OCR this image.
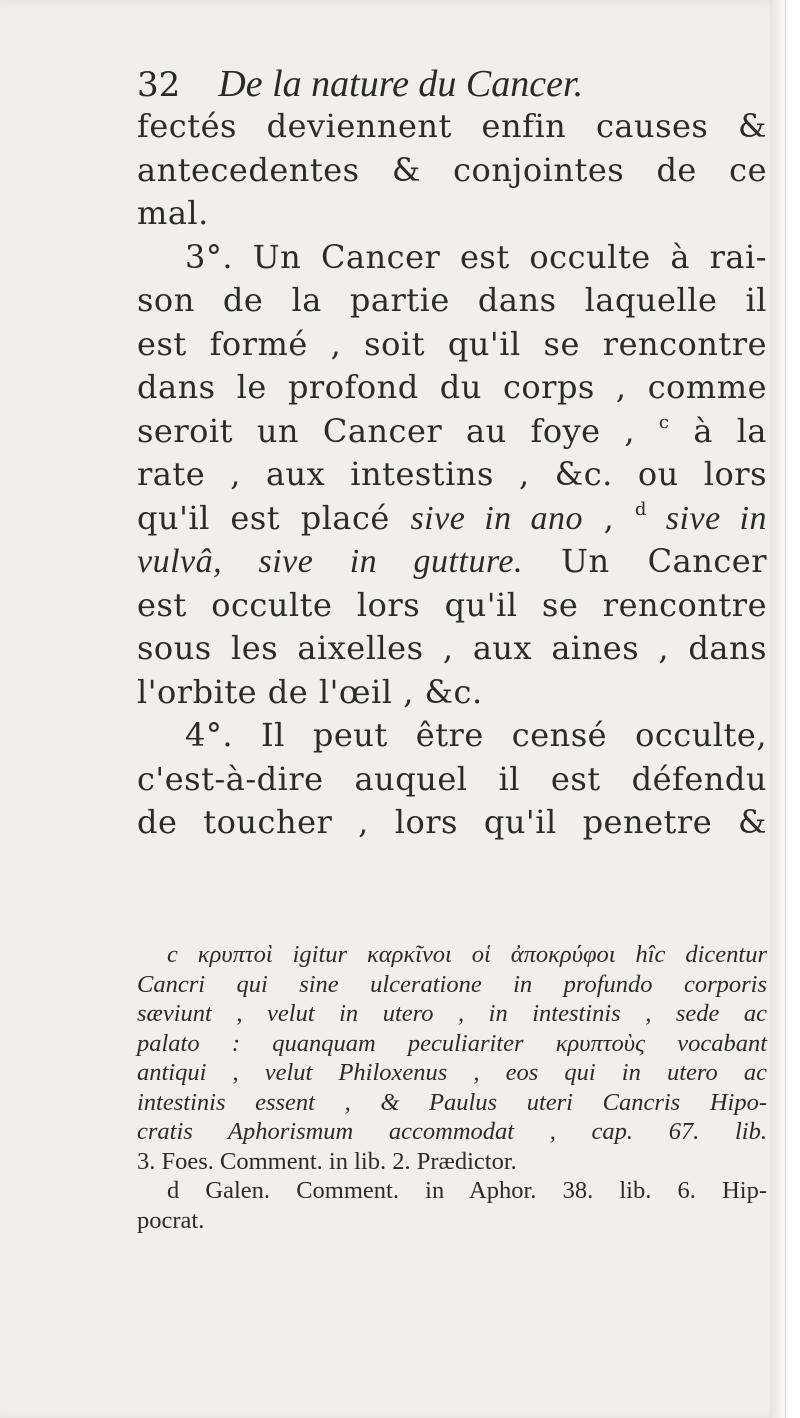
32 De la nature du Cancer.
fectés deviennent enfin causes &
antecedentes & conjointes de ce
mal.
3°. Un Cancer est occulte à rai-
son de la partie dans laquelle il
est formé , soit qu'il se rencontre
dans le profond du corps , comme
seroit un Cancer au foye , $^c$ à la
rate , aux intestins , &c. ou lors
qu'il est placé sive in ano , $^d$ sive in
vulvâ, sive in gutture. Un Cancer
est occulte lors qu'il se rencontre
sous les aixelles , aux aines , dans
l'orbite de l'œil , &c.
4°. Il peut être censé occulte,
c'est-à-dire auquel il est défendu
de toucher , lors qu'il penetre &
c κρυπτοὶ igitur καρκῖνοι οἱ ἀποκρύφοι hîc dicentur
Cancri qui sine ulceratione in profundo corporis
sæviunt , velut in utero , in intestinis , sede ac
palato : quanquam peculiariter κρυπτοὺς vocabant
antiqui , velut Philoxenus , eos qui in utero ac
intestinis essent , & Paulus uteri Cancris Hipo-
cratis Aphorismum accommodat , cap. 67. lib.
3. Foes. Comment. in lib. 2. Prædictor.
d Galen. Comment. in Aphor. 38. lib. 6. Hip-
pocrat.
